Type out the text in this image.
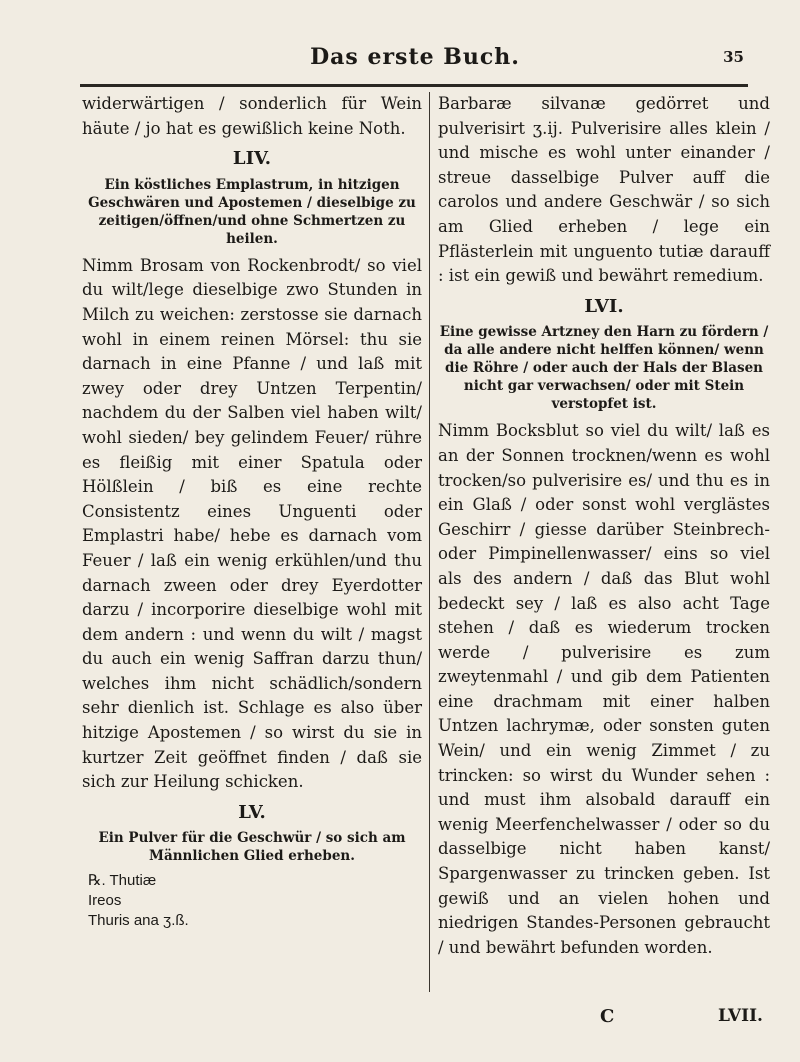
Das erste Buch.	35

widerwärtigen / sonderlich für Wein häute / jo hat es gewißlich keine Noth.

LIV.
Ein köstliches Emplastrum, in hitzigen Geschwären und Apostemen / dieselbige zu zeitigen/öffnen/und ohne Schmertzen zu heilen.

Nimm Brosam von Rockenbrodt/ so viel du wilt/lege dieselbige zwo Stunden in Milch zu weichen: zerstosse sie darnach wohl in einem reinen Mörsel: thu sie darnach in eine Pfanne / und laß mit zwey oder drey Untzen Terpentin/ nachdem du der Salben viel haben wilt/ wohl sieden/ bey gelindem Feuer/ rühre es fleißig mit einer Spatula oder Hölßlein / biß es eine rechte Consistentz eines Unguenti oder Emplastri habe/ hebe es darnach vom Feuer / laß ein wenig erkühlen/und thu darnach zween oder drey Eyerdotter darzu / incorporire dieselbige wohl mit dem andern : und wenn du wilt / magst du auch ein wenig Saffran darzu thun/ welches ihm nicht schädlich/sondern sehr dienlich ist. Schlage es also über hitzige Apostemen / so wirst du sie in kurtzer Zeit geöffnet finden / daß sie sich zur Heilung schicken.

LV.
Ein Pulver für die Geschwür / so sich am Männlichen Glied erheben.
℞. Thutiæ
Ireos
Thuris ana ʒ.ß.

Barbaræ silvanæ gedörret und pulverisirt ʒ.ij. Pulverisire alles klein / und mische es wohl unter einander / streue dasselbige Pulver auff die carolos und andere Geschwär / so sich am Glied erheben / lege ein Pflästerlein mit unguento tutiæ darauff : ist ein gewiß und bewährt remedium.

LVI.
Eine gewisse Artzney den Harn zu fördern / da alle andere nicht helffen können/ wenn die Röhre / oder auch der Hals der Blasen nicht gar verwachsen/ oder mit Stein verstopfet ist.

Nimm Bocksblut so viel du wilt/ laß es an der Sonnen trocknen/wenn es wohl trocken/so pulverisire es/ und thu es in ein Glaß / oder sonst wohl verglästes Geschirr / giesse darüber Steinbrech- oder Pimpinellenwasser/ eins so viel als des andern / daß das Blut wohl bedeckt sey / laß es also acht Tage stehen / daß es wiederum trocken werde / pulverisire es zum zweytenmahl / und gib dem Patienten eine drachmam mit einer halben Untzen lachrymæ, oder sonsten guten Wein/ und ein wenig Zimmet / zu trincken: so wirst du Wunder sehen : und must ihm alsobald darauff ein wenig Meerfenchelwasser / oder so du dasselbige nicht haben kanst/ Spargenwasser zu trincken geben. Ist gewiß und an vielen hohen und niedrigen Standes-Personen gebraucht / und bewährt befunden worden.

C	LVII.
